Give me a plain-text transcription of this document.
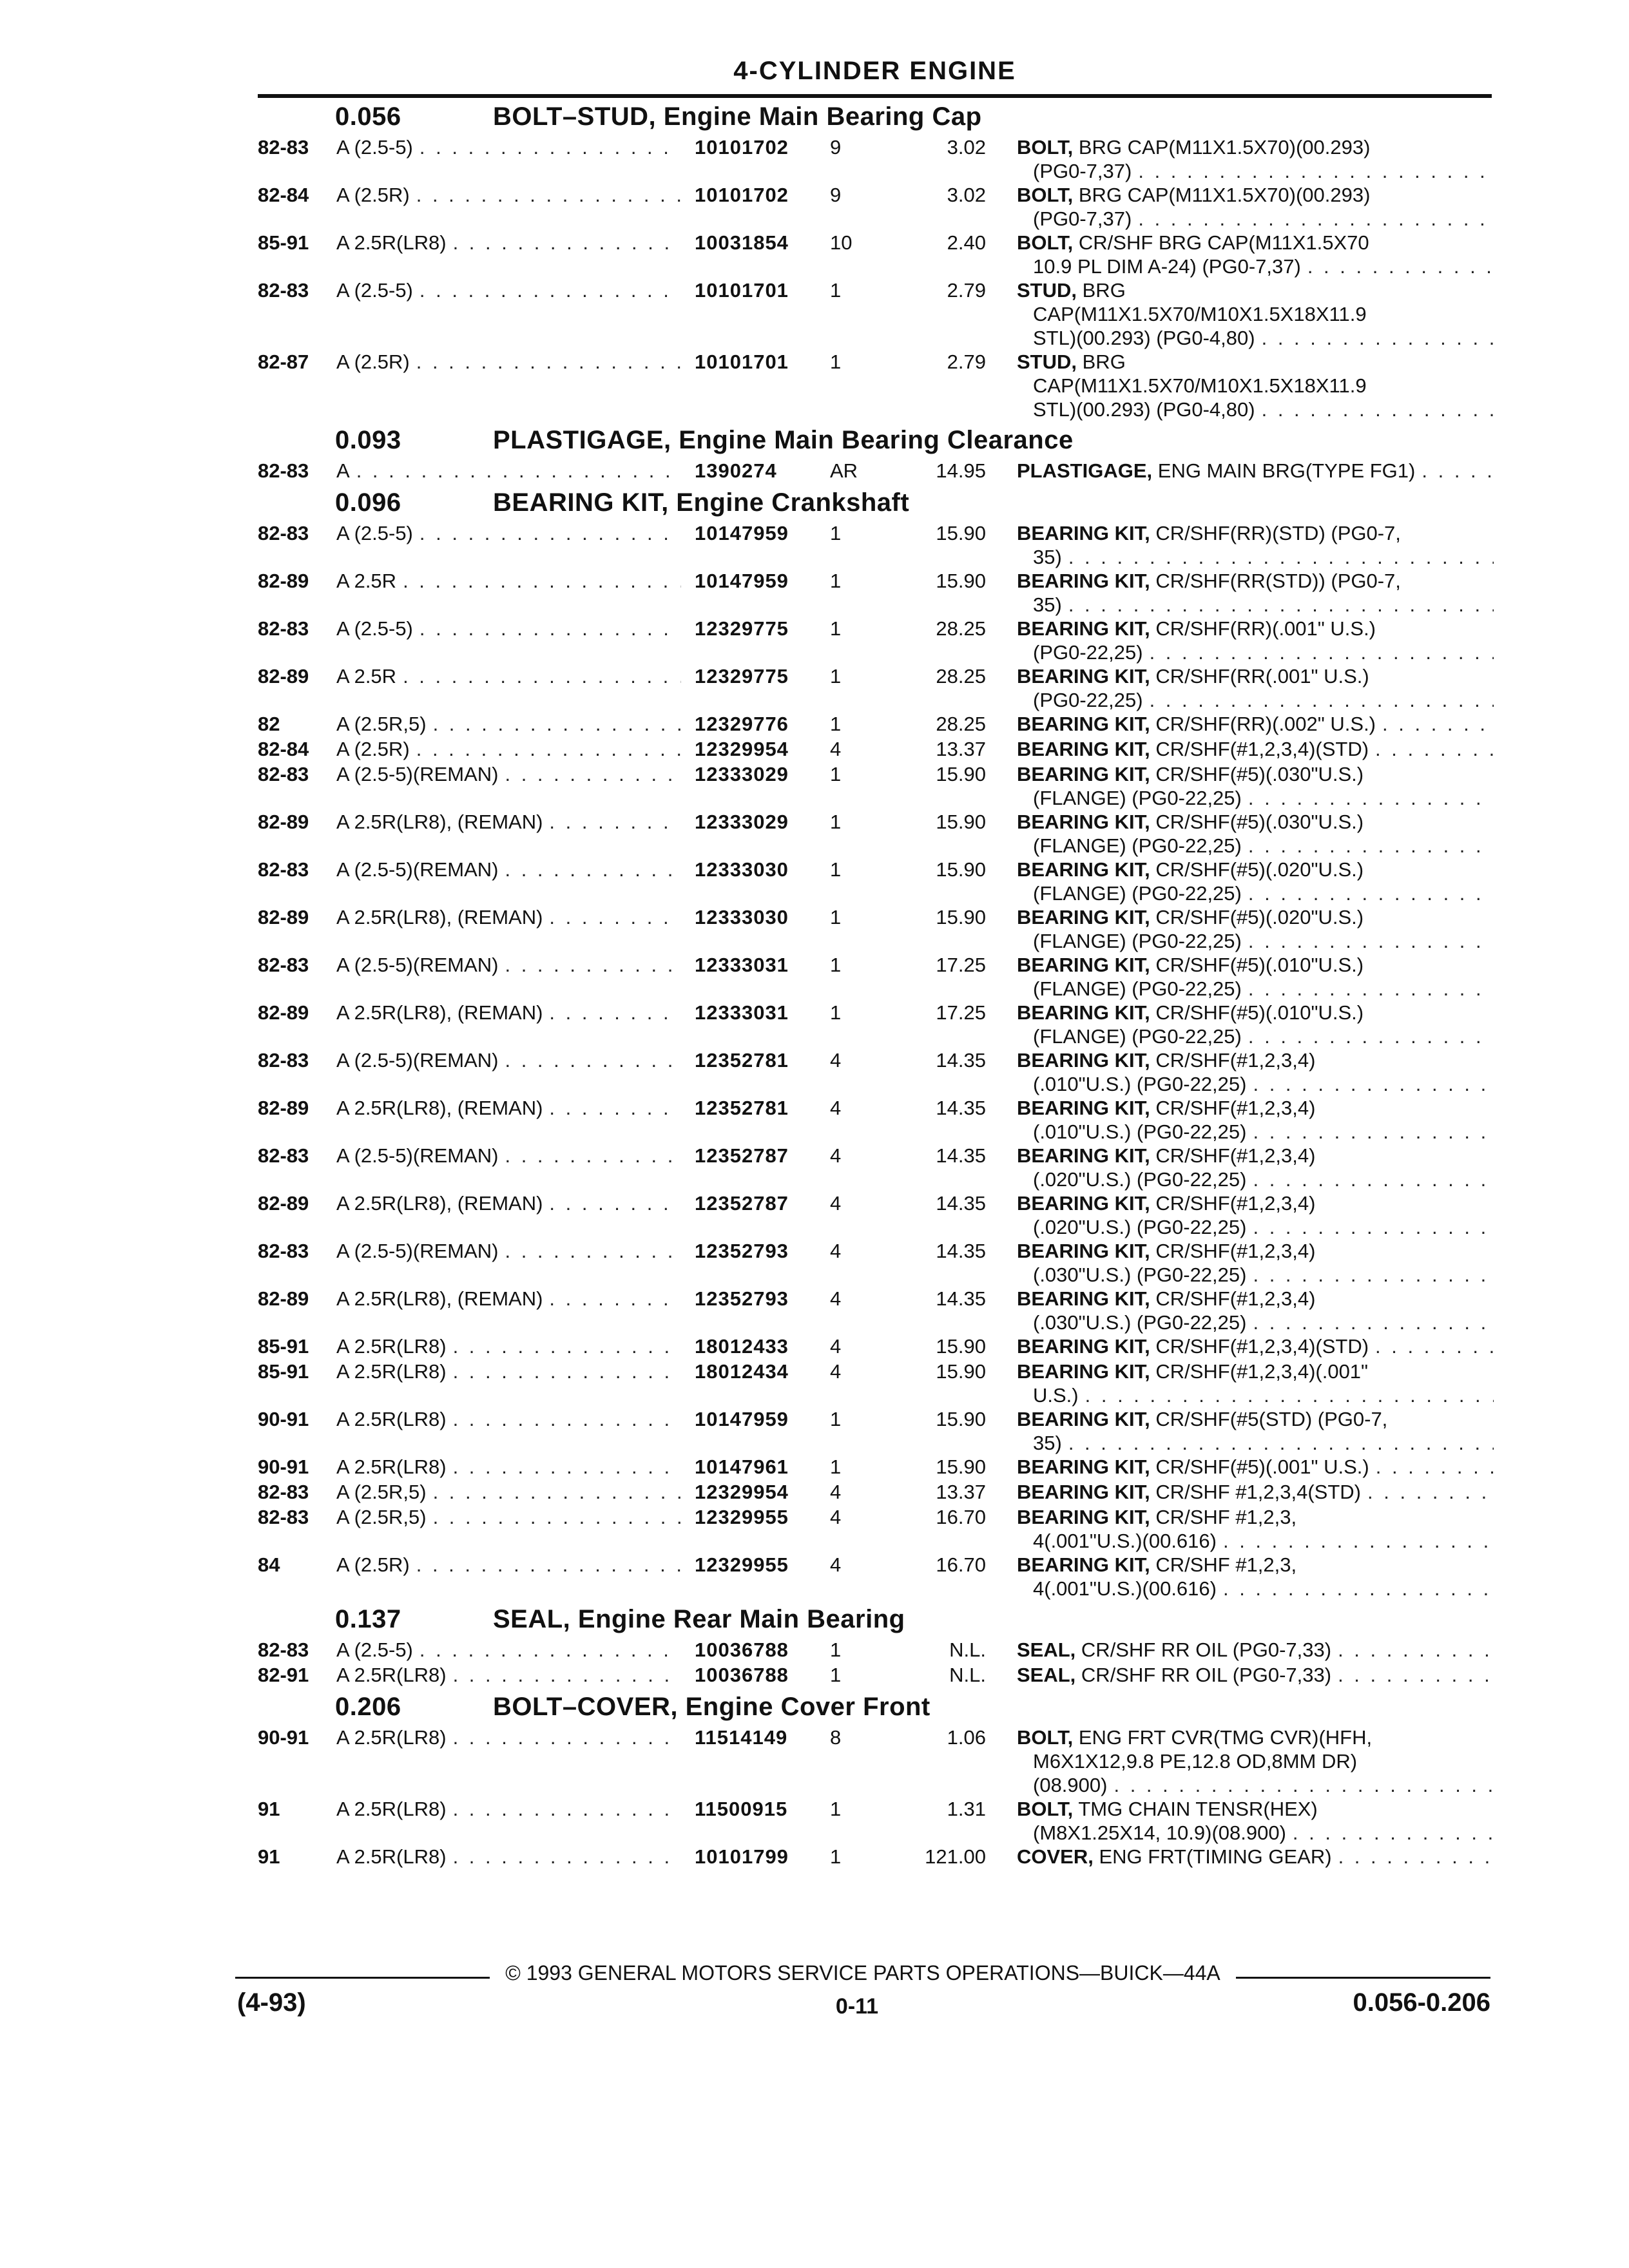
4-CYLINDER ENGINE
0.056	BOLT–STUD, Engine Main Bearing Cap
82-83 A (2.5-5) . . .	10101702 9	3.02 BOLT, BRG CAP(M11X1.5X70)(00.293)
(PG0-7,37)
. . .
82-84 A (2.5R) . . .	10101702 9	3.02 BOLT, BRG CAP(M11X1.5X70)(00.293)
(PG0-7,37)
. . .
85-91 A 2.5R(LR8) . . .	10031854 10	2.40 BOLT, CR/SHF BRG CAP(M11X1.5X70
10.9 PL DIM A-24) (PG0-7,37)
. . .
82-83 A (2.5-5) . . .	10101701 1	2.79 STUD, BRG
CAP(M11X1.5X70/M10X1.5X18X11.9
STL)(00.293) (PG0-4,80)
. . .
82-87 A (2.5R) . . .	10101701 1	2.79 STUD, BRG
CAP(M11X1.5X70/M10X1.5X18X11.9
STL)(00.293) (PG0-4,80)
. . .
0.093	PLASTIGAGE, Engine Main Bearing Clearance
82-83 A . . .	1390274	AR	14.95 PLASTIGAGE, ENG MAIN BRG(TYPE FG1)
. . .
0.096	BEARING KIT, Engine Crankshaft
82-83 A (2.5-5) . . .	10147959 1	15.90 BEARING KIT, CR/SHF(RR)(STD) (PG0-7,
35)
. . .
82-89 A 2.5R . . .	10147959 1	15.90 BEARING KIT, CR/SHF(RR(STD)) (PG0-7,
35)
. . .
82-83 A (2.5-5) . . .	12329775 1	28.25 BEARING KIT, CR/SHF(RR)(.001" U.S.)
(PG0-22,25)
. . .
82-89 A 2.5R . . .	12329775 1	28.25 BEARING KIT, CR/SHF(RR(.001" U.S.)
(PG0-22,25)
. . .
82	A (2.5R,5) . . .	12329776 1	28.25 BEARING KIT, CR/SHF(RR)(.002" U.S.)
. . .
82-84 A (2.5R) . . .	12329954 4	13.37 BEARING KIT, CR/SHF(#1,2,3,4)(STD)
. . .
82-83 A (2.5-5)(REMAN) . . .	12333029 1	15.90 BEARING KIT, CR/SHF(#5)(.030"U.S.)
(FLANGE) (PG0-22,25)
. . .
82-89 A 2.5R(LR8), (REMAN) . . .	12333029 1	15.90 BEARING KIT, CR/SHF(#5)(.030"U.S.)
(FLANGE) (PG0-22,25)
. . .
82-83 A (2.5-5)(REMAN) . . .	12333030 1	15.90 BEARING KIT, CR/SHF(#5)(.020"U.S.)
(FLANGE) (PG0-22,25)
. . .
82-89 A 2.5R(LR8), (REMAN) . . .	12333030 1	15.90 BEARING KIT, CR/SHF(#5)(.020"U.S.)
(FLANGE) (PG0-22,25)
. . .
82-83 A (2.5-5)(REMAN) . . .	12333031 1	17.25 BEARING KIT, CR/SHF(#5)(.010"U.S.)
(FLANGE) (PG0-22,25)
. . .
82-89 A 2.5R(LR8), (REMAN) . . .	12333031 1	17.25 BEARING KIT, CR/SHF(#5)(.010"U.S.)
(FLANGE) (PG0-22,25)
. . .
82-83 A (2.5-5)(REMAN) . . .	12352781 4	14.35 BEARING KIT, CR/SHF(#1,2,3,4)
(.010"U.S.) (PG0-22,25)
. . .
82-89 A 2.5R(LR8), (REMAN) . . .	12352781 4	14.35 BEARING KIT, CR/SHF(#1,2,3,4)
(.010"U.S.) (PG0-22,25)
. . .
82-83 A (2.5-5)(REMAN) . . .	12352787 4	14.35 BEARING KIT, CR/SHF(#1,2,3,4)
(.020"U.S.) (PG0-22,25)
. . .
82-89 A 2.5R(LR8), (REMAN) . . .	12352787 4	14.35 BEARING KIT, CR/SHF(#1,2,3,4)
(.020"U.S.) (PG0-22,25)
. . .
82-83 A (2.5-5)(REMAN) . . .	12352793 4	14.35 BEARING KIT, CR/SHF(#1,2,3,4)
(.030"U.S.) (PG0-22,25)
. . .
82-89 A 2.5R(LR8), (REMAN) . . .	12352793 4	14.35 BEARING KIT, CR/SHF(#1,2,3,4)
(.030"U.S.) (PG0-22,25)
. . .
85-91 A 2.5R(LR8) . . .	18012433 4	15.90 BEARING KIT, CR/SHF(#1,2,3,4)(STD)
. . .
85-91 A 2.5R(LR8) . . .	18012434 4	15.90 BEARING KIT, CR/SHF(#1,2,3,4)(.001"
U.S.)
. . .
90-91 A 2.5R(LR8) . . .	10147959 1	15.90 BEARING KIT, CR/SHF(#5(STD) (PG0-7,
35)
. . .
90-91 A 2.5R(LR8) . . .	10147961 1	15.90 BEARING KIT, CR/SHF(#5)(.001" U.S.)
. . .
82-83 A (2.5R,5) . . .	12329954 4	13.37 BEARING KIT, CR/SHF #1,2,3,4(STD)
. . .
82-83 A (2.5R,5) . . .	12329955 4	16.70 BEARING KIT, CR/SHF #1,2,3,
4(.001"U.S.)(00.616)
. . .
84	A (2.5R) . . .	12329955 4	16.70 BEARING KIT, CR/SHF #1,2,3,
4(.001"U.S.)(00.616)
. . .
0.137	SEAL, Engine Rear Main Bearing
82-83 A (2.5-5) . . .	10036788 1	N.L. SEAL, CR/SHF RR OIL (PG0-7,33)
. . .
82-91 A 2.5R(LR8) . . .	10036788 1	N.L. SEAL, CR/SHF RR OIL (PG0-7,33)
. . .
0.206	BOLT–COVER, Engine Cover Front
90-91 A 2.5R(LR8) . . .	11514149 8	1.06 BOLT, ENG FRT CVR(TMG CVR)(HFH,
M6X1X12,9.8 PE,12.8 OD,8MM DR)
(08.900)
. . .
91	A 2.5R(LR8) . . .	11500915 1	1.31 BOLT, TMG CHAIN TENSR(HEX)
(M8X1.25X14, 10.9)(08.900)
. . .
91	A 2.5R(LR8) . . .	10101799 1	121.00 COVER, ENG FRT(TIMING GEAR)
. . .
© 1993 GENERAL MOTORS SERVICE PARTS OPERATIONS—BUICK—44A
(4-93)	0-11	0.056-0.206
